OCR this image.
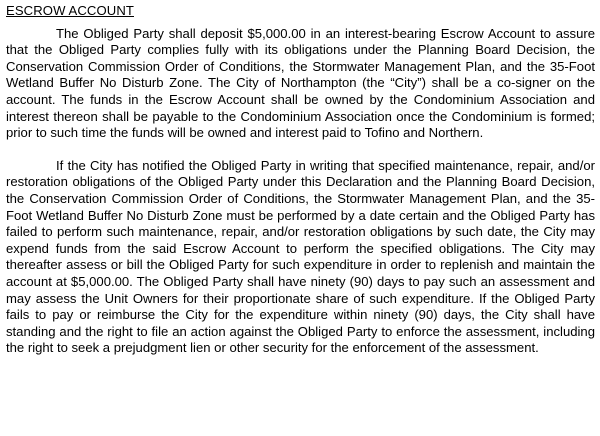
ESCROW ACCOUNT

The Obliged Party shall deposit $5,000.00 in an interest-bearing Escrow Account to assure that the Obliged Party complies fully with its obligations under the Planning Board Decision, the Conservation Commission Order of Conditions, the Stormwater Management Plan, and the 35-Foot Wetland Buffer No Disturb Zone. The City of Northampton (the “City”) shall be a co-signer on the account. The funds in the Escrow Account shall be owned by the Condominium Association and interest thereon shall be payable to the Condominium Association once the Condominium is formed; prior to such time the funds will be owned and interest paid to Tofino and Northern.

If the City has notified the Obliged Party in writing that specified maintenance, repair, and/or restoration obligations of the Obliged Party under this Declaration and the Planning Board Decision, the Conservation Commission Order of Conditions, the Stormwater Management Plan, and the 35-Foot Wetland Buffer No Disturb Zone must be performed by a date certain and the Obliged Party has failed to perform such maintenance, repair, and/or restoration obligations by such date, the City may expend funds from the said Escrow Account to perform the specified obligations. The City may thereafter assess or bill the Obliged Party for such expenditure in order to replenish and maintain the account at $5,000.00. The Obliged Party shall have ninety (90) days to pay such an assessment and may assess the Unit Owners for their proportionate share of such expenditure. If the Obliged Party fails to pay or reimburse the City for the expenditure within ninety (90) days, the City shall have standing and the right to file an action against the Obliged Party to enforce the assessment, including the right to seek a prejudgment lien or other security for the enforcement of the assessment.
